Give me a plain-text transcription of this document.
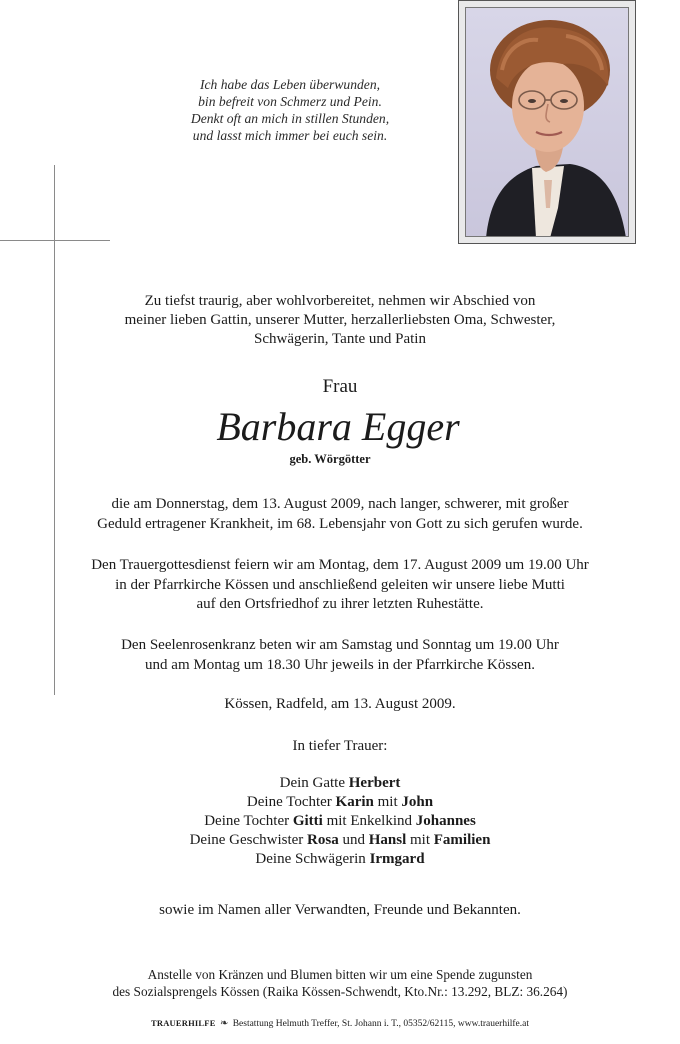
Ich habe das Leben überwunden,
bin befreit von Schmerz und Pein.
Denkt oft an mich in stillen Stunden,
und lasst mich immer bei euch sein.
Zu tiefst traurig, aber wohlvorbereitet, nehmen wir Abschied von
meiner lieben Gattin, unserer Mutter, herzallerliebsten Oma, Schwester,
Schwägerin, Tante und Patin
Frau
Barbara Egger
geb. Wörgötter
die am Donnerstag, dem 13. August 2009, nach langer, schwerer, mit großer
Geduld ertragener Krankheit, im 68. Lebensjahr von Gott zu sich gerufen wurde.
Den Trauergottesdienst feiern wir am Montag, dem 17. August 2009 um 19.00 Uhr
in der Pfarrkirche Kössen und anschließend geleiten wir unsere liebe Mutti
auf den Ortsfriedhof zu ihrer letzten Ruhestätte.
Den Seelenrosenkranz beten wir am Samstag und Sonntag um 19.00 Uhr
und am Montag um 18.30 Uhr jeweils in der Pfarrkirche Kössen.
Kössen, Radfeld, am 13. August 2009.
In tiefer Trauer:
Dein Gatte Herbert
Deine Tochter Karin mit John
Deine Tochter Gitti mit Enkelkind Johannes
Deine Geschwister Rosa und Hansl mit Familien
Deine Schwägerin Irmgard
sowie im Namen aller Verwandten, Freunde und Bekannten.
Anstelle von Kränzen und Blumen bitten wir um eine Spende zugunsten
des Sozialsprengels Kössen (Raika Kössen-Schwendt, Kto.Nr.: 13.292, BLZ: 36.264)
TRAUERHILFE ❧ Bestattung Helmuth Treffer, St. Johann i. T., 05352/62115, www.trauerhilfe.at
